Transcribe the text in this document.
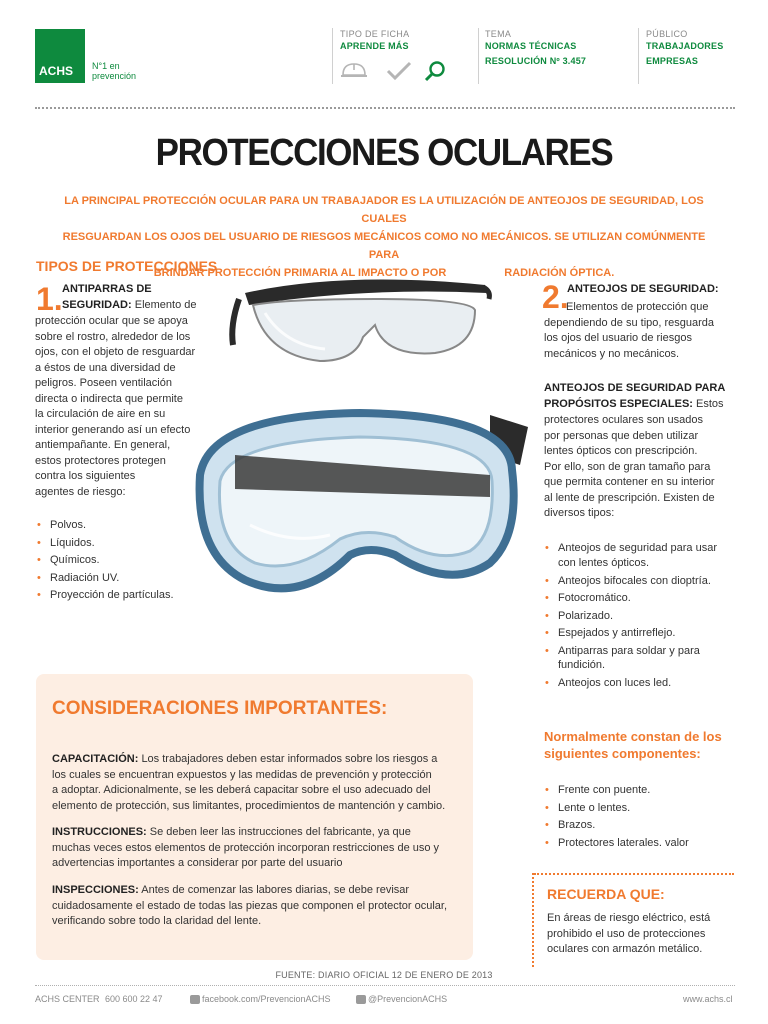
ACHS N°1 en
prevención
TIPO DE FICHA
APRENDE MÁS
TEMA
NORMAS TÉCNICAS
RESOLUCIÓN Nº 3.457
PÚBLICO
TRABAJADORES
EMPRESAS
PROTECCIONES OCULARES
LA PRINCIPAL PROTECCIÓN OCULAR PARA UN TRABAJADOR ES LA UTILIZACIÓN DE ANTEOJOS DE SEGURIDAD, LOS CUALES
RESGUARDAN LOS OJOS DEL USUARIO DE RIESGOS MECÁNICOS COMO NO MECÁNICOS. SE UTILIZAN COMÚNMENTE PARA
BRINDAR PROTECCIÓN PRIMARIA AL IMPACTO O POR	RADIACIÓN ÓPTICA.
TIPOS DE PROTECCIONES
1. ANTIPARRAS DE
SEGURIDAD: Elemento de
protección ocular que se apoya
sobre el rostro, alrededor de los
ojos, con el objeto de resguardar
a éstos de una diversidad de
peligros. Poseen ventilación
directa o indirecta que permite
la circulación de aire en su
interior generando así un efecto
antiempañante. En general,
estos protectores protegen
contra los siguientes
agentes de riesgo:
• Polvos.
• Líquidos.
• Químicos.
• Radiación UV.
• Proyección de partículas.
2.
ANTEOJOS DE SEGURIDAD:
Elementos de protección que
dependiendo de su tipo, resguarda
los ojos del usuario de riesgos
mecánicos y no mecánicos.
ANTEOJOS DE SEGURIDAD PARA
PROPÓSITOS ESPECIALES: Estos
protectores oculares son usados
por personas que deben utilizar
lentes ópticos con prescripción.
Por ello, son de gran tamaño para
que permita contener en su interior
al lente de prescripción. Existen de
diversos tipos:
• Anteojos de seguridad para usar
con lentes ópticos.
• Anteojos bifocales con dioptría.
• Fotocromático.
• Polarizado.
• Espejados y antirreflejo.
• Antiparras para soldar y para
fundición.
• Anteojos con luces led.
Normalmente constan de los
siguientes componentes:
• Frente con puente.
• Lente o lentes.
• Brazos.
• Protectores laterales. valor
RECUERDA QUE:
En áreas de riesgo eléctrico, está
prohibido el uso de protecciones
oculares con armazón metálico.
CONSIDERACIONES IMPORTANTES:
CAPACITACIÓN: Los trabajadores deben estar informados sobre los riesgos a
los cuales se encuentran expuestos y las medidas de prevención y protección
a adoptar. Adicionalmente, se les deberá capacitar sobre el uso adecuado del
elemento de protección, sus limitantes, procedimientos de mantención y cambio.
INSTRUCCIONES: Se deben leer las instrucciones del fabricante, ya que
muchas veces estos elementos de protección incorporan restricciones de uso y
advertencias importantes a considerar por parte del usuario
INSPECCIONES: Antes de comenzar las labores diarias, se debe revisar
cuidadosamente el estado de todas las piezas que componen el protector ocular,
verificando sobre todo la claridad del lente.
FUENTE: DIARIO OFICIAL 12 DE ENERO DE 2013
ACHS CENTER 600 600 22 47	facebook.com/PrevencionACHS	@PrevencionACHS	www.achs.cl
